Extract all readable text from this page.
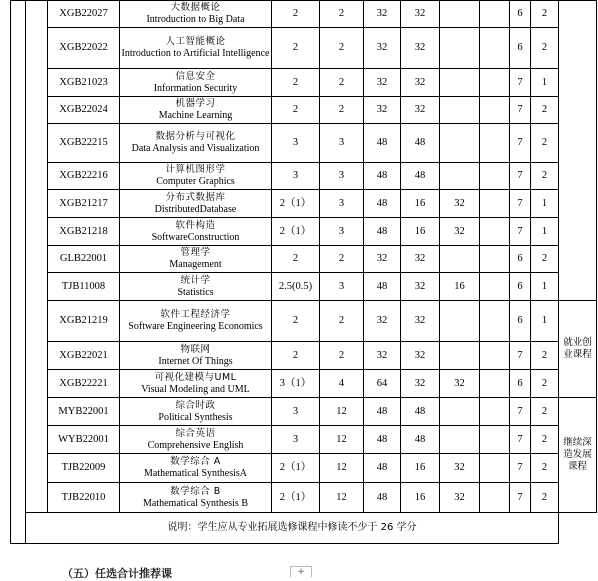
		XGB22027	大数据概论
Introduction to Big Data	2	2	32	32			6	2	
		XGB22022	人工智能概论
Introduction to Artificial Intelligence	2	2	32	32			6	2	
		XGB21023	信息安全
Information Security	2	2	32	32			7	1	
		XGB22024	机器学习
Machine Learning	2	2	32	32			7	2	
		XGB22215	数据分析与可视化
Data Analysis and Visualization	3	3	48	48			7	2	
		XGB22216	计算机图形学
Computer Graphics	3	3	48	48			7	2	
		XGB21217	分布式数据库
DistributedDatabase	2（1）	3	48	16	32		7	1	
		XGB21218	软件构造
SoftwareConstruction	2（1）	3	48	16	32		7	1	
		GLB22001	管理学
Management	2	2	32	32			6	2	
		TJB11008	统计学
Statistics	2.5(0.5)	3	48	32	16		6	1	
		XGB21219	软件工程经济学
Software Engineering Economics	2	2	32	32			6	1	就业创业课程
		XGB22021	物联网
Internet Of Things	2	2	32	32			7	2	
		XGB22221	可视化建模与UML
Visual Modeling and UML	3（1）	4	64	32	32		6	2	
		MYB22001	综合时政
Political Synthesis	3	12	48	48			7	2	继续深造发展课程
		WYB22001	综合英语
Comprehensive English	3	12	48	48			7	2	
		TJB22009	数学综合 A
Mathematical SynthesisA	2（1）	12	48	16	32		7	2	
		TJB22010	数学综合 B
Mathematical Synthesis B	2（1）	12	48	16	32		7	2	
	说明：学生应从专业拓展选修课程中修读不少于 26 学分											
（五）任选合计推荐课	+
